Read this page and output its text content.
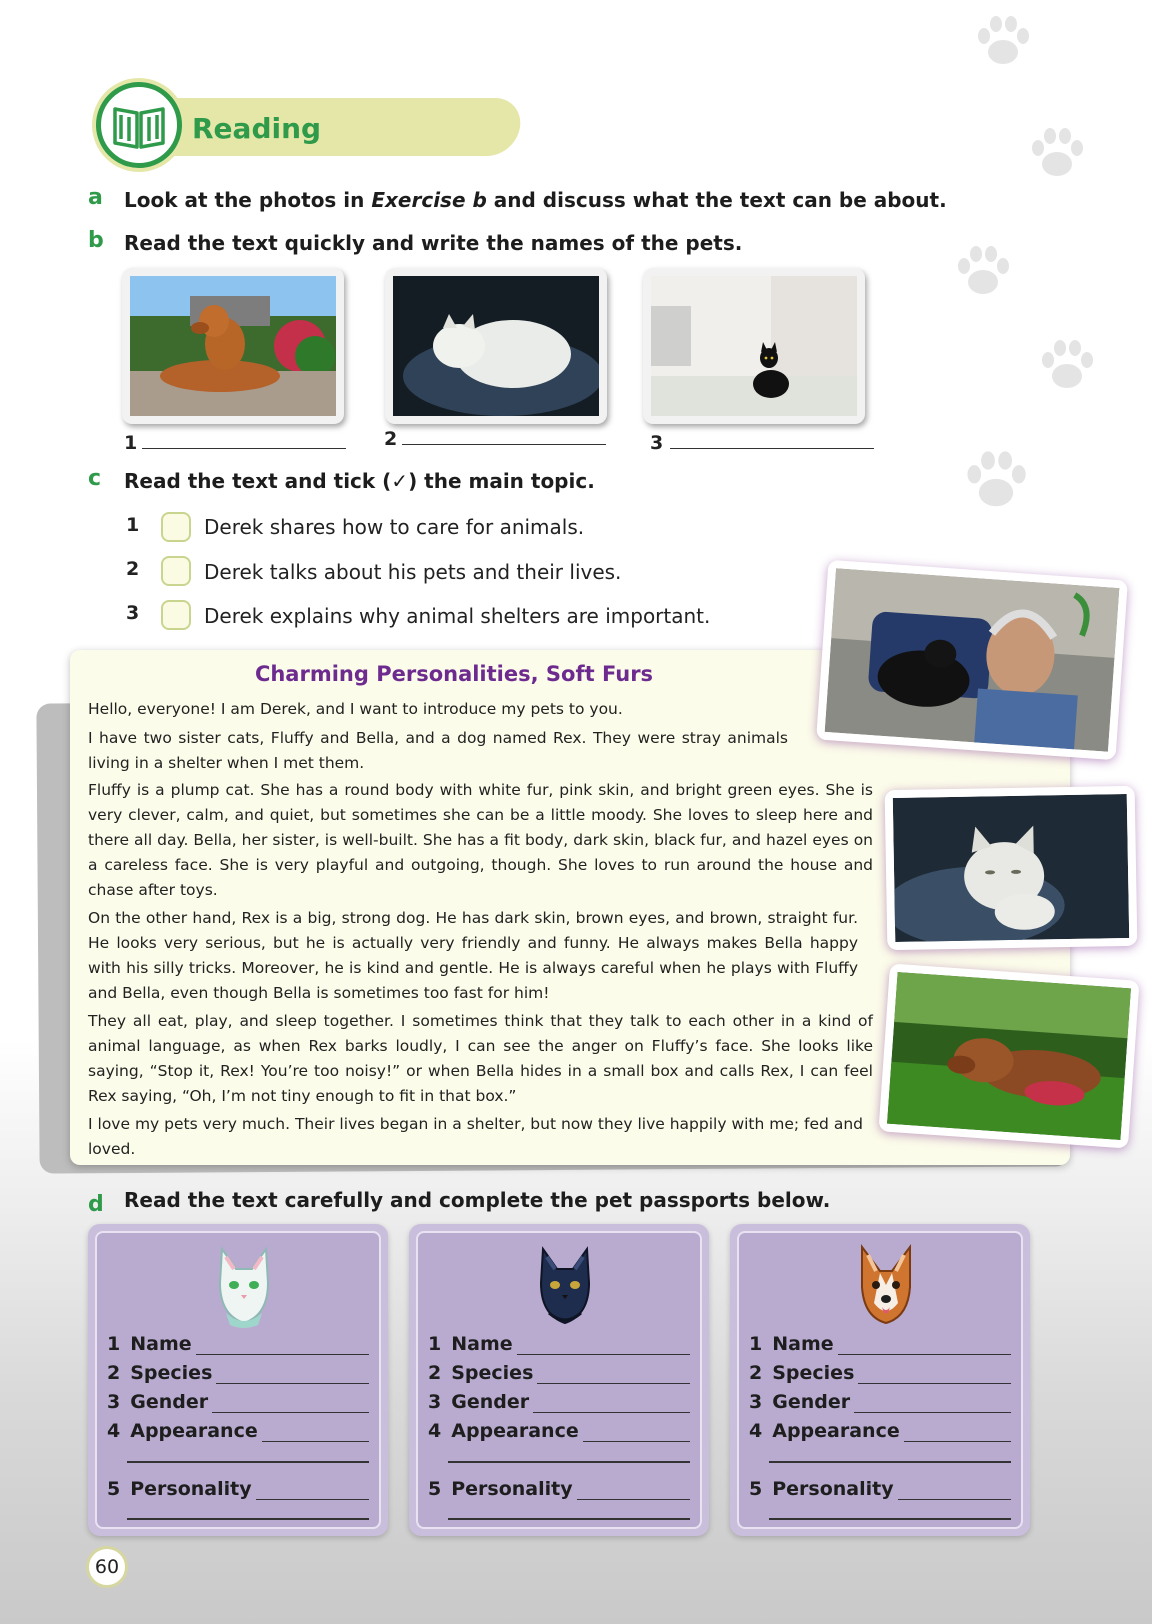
Reading
a Look at the photos in Exercise b and discuss what the text can be about.
b Read the text quickly and write the names of the pets.
1	2	3
c Read the text and tick (✓) the main topic.
1	Derek shares how to care for animals.
2	Derek talks about his pets and their lives.
3	Derek explains why animal shelters are important.
Charming Personalities, Soft Furs
Hello, everyone! I am Derek, and I want to introduce my pets to you.
I have two sister cats, Fluffy and Bella, and a dog named Rex. They were stray animals living in a shelter when I met them.
Fluffy is a plump cat. She has a round body with white fur, pink skin, and bright green eyes. She is very clever, calm, and quiet, but sometimes she can be a little moody. She loves to sleep here and there all day. Bella, her sister, is well-built. She has a fit body, dark skin, black fur, and hazel eyes on a careless face. She is very playful and outgoing, though. She loves to run around the house and chase after toys.
On the other hand, Rex is a big, strong dog. He has dark skin, brown eyes, and brown, straight fur. He looks very serious, but he is actually very friendly and funny. He always makes Bella happy with his silly tricks. Moreover, he is kind and gentle. He is always careful when he plays with Fluffy and Bella, even though Bella is sometimes too fast for him!
They all eat, play, and sleep together. I sometimes think that they talk to each other in a kind of animal language, as when Rex barks loudly, I can see the anger on Fluffy’s face. She looks like saying, “Stop it, Rex! You’re too noisy!” or when Bella hides in a small box and calls Rex, I can feel Rex saying, “Oh, I’m not tiny enough to fit in that box.”
I love my pets very much. Their lives began in a shelter, but now they live happily with me; fed and loved.
d Read the text carefully and complete the pet passports below.
1 Name
2 Species
3 Gender
4 Appearance
5 Personality
1 Name
2 Species
3 Gender
4 Appearance
5 Personality
1 Name
2 Species
3 Gender
4 Appearance
5 Personality
60
